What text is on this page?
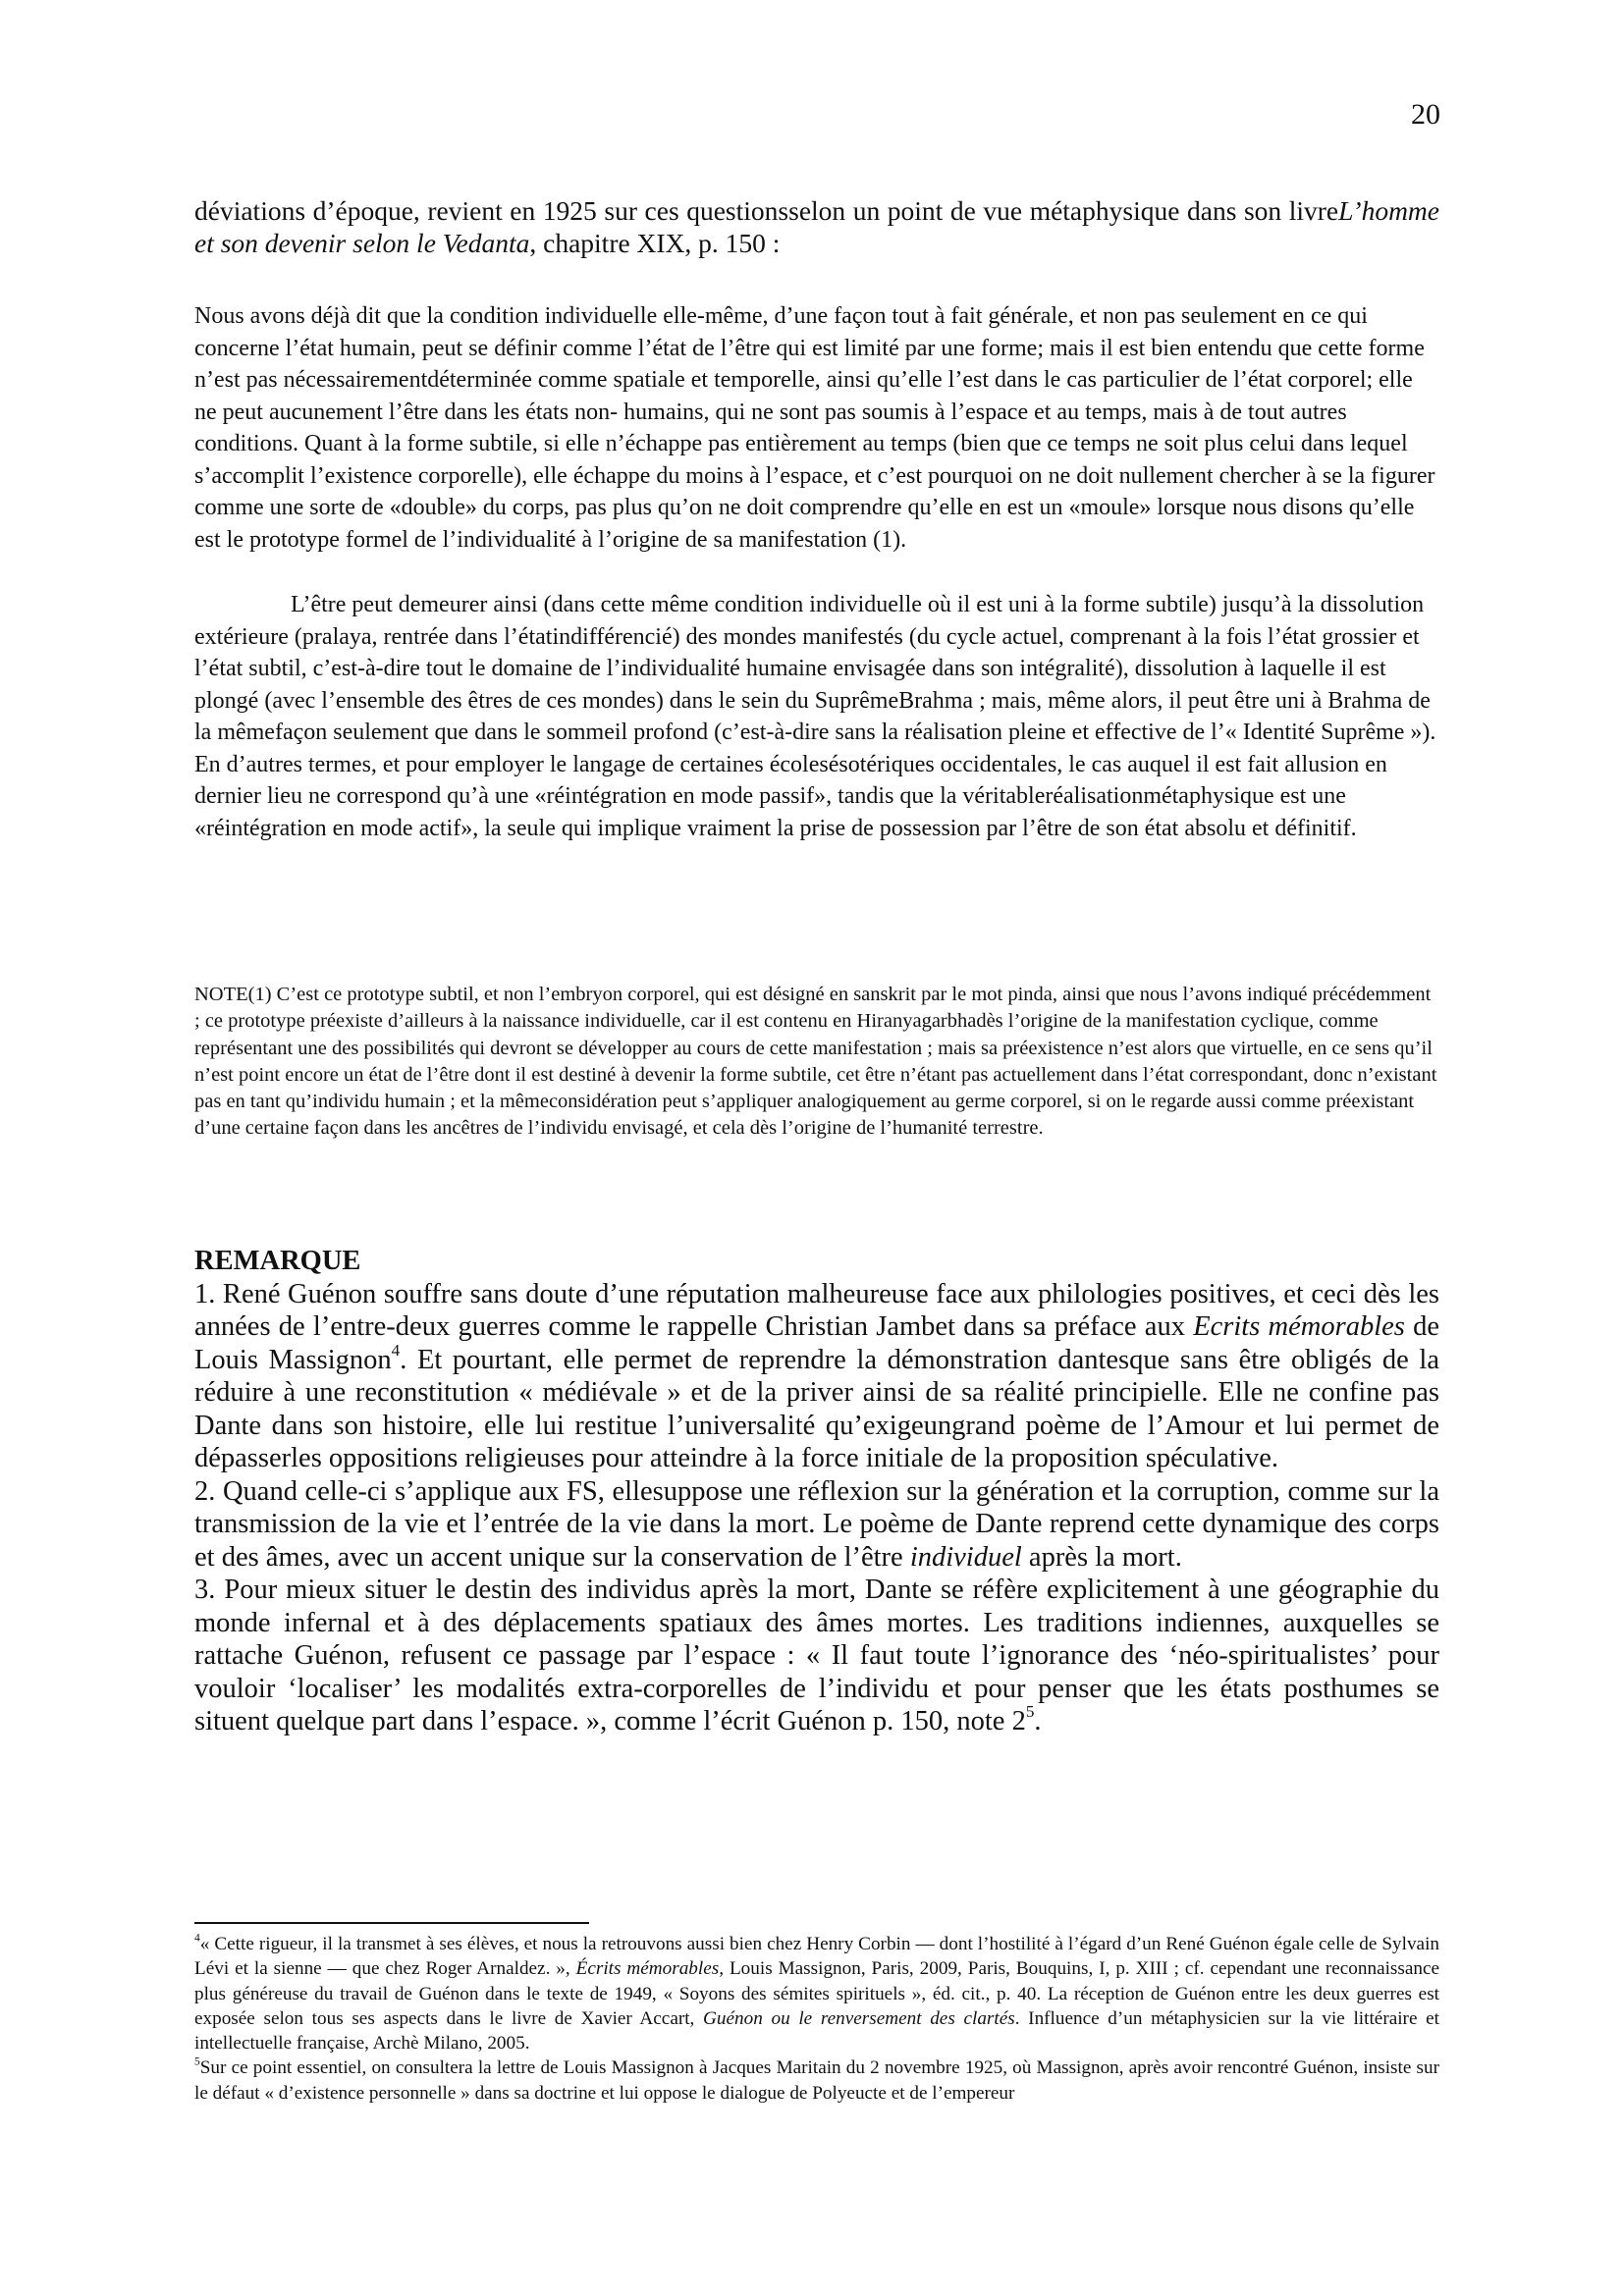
20
déviations d’époque, revient en 1925 sur ces questionsselon un point de vue métaphysique dans son livreL’homme et son devenir selon le Vedanta, chapitre XIX, p. 150 :

Nous avons déjà dit que la condition individuelle elle-même, d’une façon tout à fait générale, et non pas seulement en ce qui concerne l’état humain, peut se définir comme l’état de l’être qui est limité par une forme; mais il est bien entendu que cette forme n’est pas nécessairementdéterminée comme spatiale et temporelle, ainsi qu’elle l’est dans le cas particulier de l’état corporel; elle ne peut aucunement l’être dans les états non- humains, qui ne sont pas soumis à l’espace et au temps, mais à de tout autres conditions. Quant à la forme subtile, si elle n’échappe pas entièrement au temps (bien que ce temps ne soit plus celui dans lequel s’accomplit l’existence corporelle), elle échappe du moins à l’espace, et c’est pourquoi on ne doit nullement chercher à se la figurer comme une sorte de «double» du corps, pas plus qu’on ne doit comprendre qu’elle en est un «moule» lorsque nous disons qu’elle est le prototype formel de l’individualité à l’origine de sa manifestation (1).

L’être peut demeurer ainsi (dans cette même condition individuelle où il est uni à la forme subtile) jusqu’à la dissolution extérieure (pralaya, rentrée dans l’étatindifférencié) des mondes manifestés (du cycle actuel, comprenant à la fois l’état grossier et l’état subtil, c’est-à-dire tout le domaine de l’individualité humaine envisagée dans son intégralité), dissolution à laquelle il est plongé (avec l’ensemble des êtres de ces mondes) dans le sein du SuprêmeBrahma ; mais, même alors, il peut être uni à Brahma de la mêmefaçon seulement que dans le sommeil profond (c’est-à-dire sans la réalisation pleine et effective de l’« Identité Suprême »). En d’autres termes, et pour employer le langage de certaines écolesésotériques occidentales, le cas auquel il est fait allusion en dernier lieu ne correspond qu’à une «réintégration en mode passif», tandis que la véritableréalisationmétaphysique est une «réintégration en mode actif», la seule qui implique vraiment la prise de possession par l’être de son état absolu et définitif.

NOTE(1) C’est ce prototype subtil, et non l’embryon corporel, qui est désigné en sanskrit par le mot pinda, ainsi que nous l’avons indiqué précédemment ; ce prototype préexiste d’ailleurs à la naissance individuelle, car il est contenu en Hiranyagarbhadès l’origine de la manifestation cyclique, comme représentant une des possibilités qui devront se développer au cours de cette manifestation ; mais sa préexistence n’est alors que virtuelle, en ce sens qu’il n’est point encore un état de l’être dont il est destiné à devenir la forme subtile, cet être n’étant pas actuellement dans l’état correspondant, donc n’existant pas en tant qu’individu humain ; et la mêmeconsidération peut s’appliquer analogiquement au germe corporel, si on le regarde aussi comme préexistant d’une certaine façon dans les ancêtres de l’individu envisagé, et cela dès l’origine de l’humanité terrestre.
REMARQUE

1. René Guénon souffre sans doute d’une réputation malheureuse face aux philologies positives, et ceci dès les années de l’entre-deux guerres comme le rappelle Christian Jambet dans sa préface aux Ecrits mémorables de Louis Massignon$^4$. Et pourtant, elle permet de reprendre la démonstration dantesque sans être obligés de la réduire à une reconstitution « médiévale » et de la priver ainsi de sa réalité principielle. Elle ne confine pas Dante dans son histoire, elle lui restitue l’universalité qu’exigeungrand poème de l’Amour et lui permet de dépasserles oppositions religieuses pour atteindre à la force initiale de la proposition spéculative.

2. Quand celle-ci s’applique aux FS, ellesuppose une réflexion sur la génération et la corruption, comme sur la transmission de la vie et l’entrée de la vie dans la mort. Le poème de Dante reprend cette dynamique des corps et des âmes, avec un accent unique sur la conservation de l’être individuel après la mort.

3. Pour mieux situer le destin des individus après la mort, Dante se réfère explicitement à une géographie du monde infernal et à des déplacements spatiaux des âmes mortes. Les traditions indiennes, auxquelles se rattache Guénon, refusent ce passage par l’espace : « Il faut toute l’ignorance des ‘néo-spiritualistes’ pour vouloir ‘localiser’ les modalités extra-corporelles de l’individu et pour penser que les états posthumes se situent quelque part dans l’espace. », comme l’écrit Guénon p. 150, note $2^5$.

$^4$« Cette rigueur, il la transmet à ses élèves, et nous la retrouvons aussi bien chez Henry Corbin — dont l’hostilité à l’égard d’un René Guénon égale celle de Sylvain Lévi et la sienne — que chez Roger Arnaldez. », Écrits mémorables, Louis Massignon, Paris, 2009, Paris, Bouquins, I, p. XIII ; cf. cependant une reconnaissance plus généreuse du travail de Guénon dans le texte de 1949, « Soyons des sémites spirituels », éd. cit., p. 40. La réception de Guénon entre les deux guerres est exposée selon tous ses aspects dans le livre de Xavier Accart, Guénon ou le renversement des clartés. Influence d’un métaphysicien sur la vie littéraire et intellectuelle française, Archè Milano, 2005.

$^5$Sur ce point essentiel, on consultera la lettre de Louis Massignon à Jacques Maritain du 2 novembre 1925, où Massignon, après avoir rencontré Guénon, insiste sur le défaut « d’existence personnelle » dans sa doctrine et lui oppose le dialogue de Polyeucte et de l’empereur
